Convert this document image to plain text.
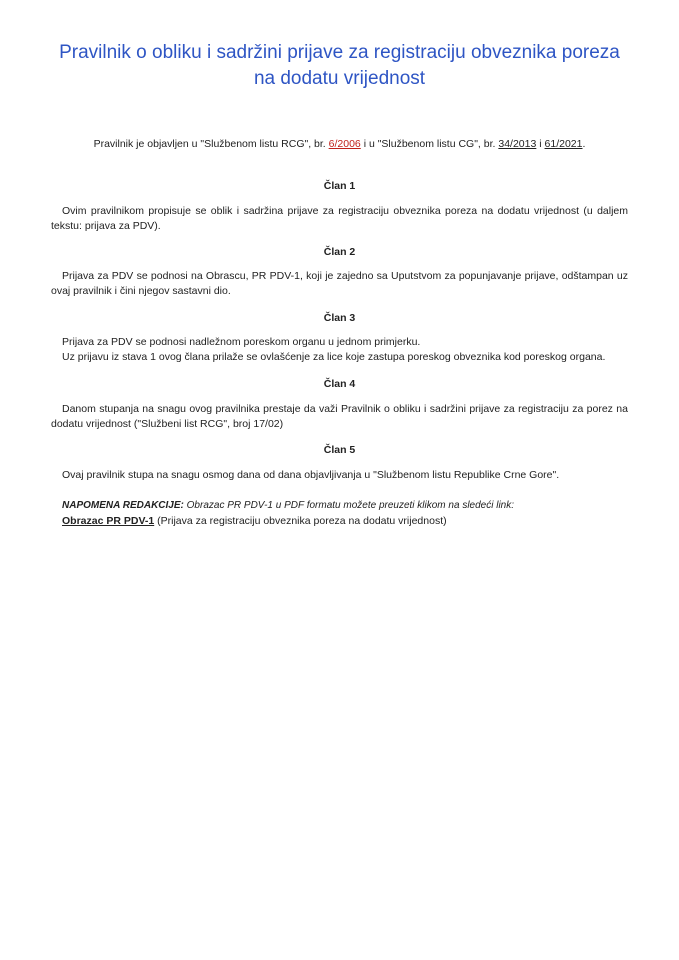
Pravilnik o obliku i sadržini prijave za registraciju obveznika poreza
na dodatu vrijednost
Pravilnik je objavljen u "Službenom listu RCG", br. 6/2006 i u "Službenom listu CG", br. 34/2013 i 61/2021.
Član 1

Ovim pravilnikom propisuje se oblik i sadržina prijave za registraciju obveznika poreza na dodatu vrijednost (u daljem tekstu: prijava za PDV).

Član 2

Prijava za PDV se podnosi na Obrascu, PR PDV-1, koji je zajedno sa Uputstvom za popunjavanje prijave, odštampan uz ovaj pravilnik i čini njegov sastavni dio.

Član 3

Prijava za PDV se podnosi nadležnom poreskom organu u jednom primjerku.

Uz prijavu iz stava 1 ovog člana prilaže se ovlašćenje za lice koje zastupa poreskog obveznika kod poreskog organa.

Član 4

Danom stupanja na snagu ovog pravilnika prestaje da važi Pravilnik o obliku i sadržini prijave za registraciju za porez na dodatu vrijednost ("Službeni list RCG", broj 17/02)

Član 5

Ovaj pravilnik stupa na snagu osmog dana od dana objavljivanja u "Službenom listu Republike Crne Gore".

NAPOMENA REDAKCIJE: Obrazac PR PDV-1 u PDF formatu možete preuzeti klikom na sledeći link:
Obrazac PR PDV-1 (Prijava za registraciju obveznika poreza na dodatu vrijednost)
